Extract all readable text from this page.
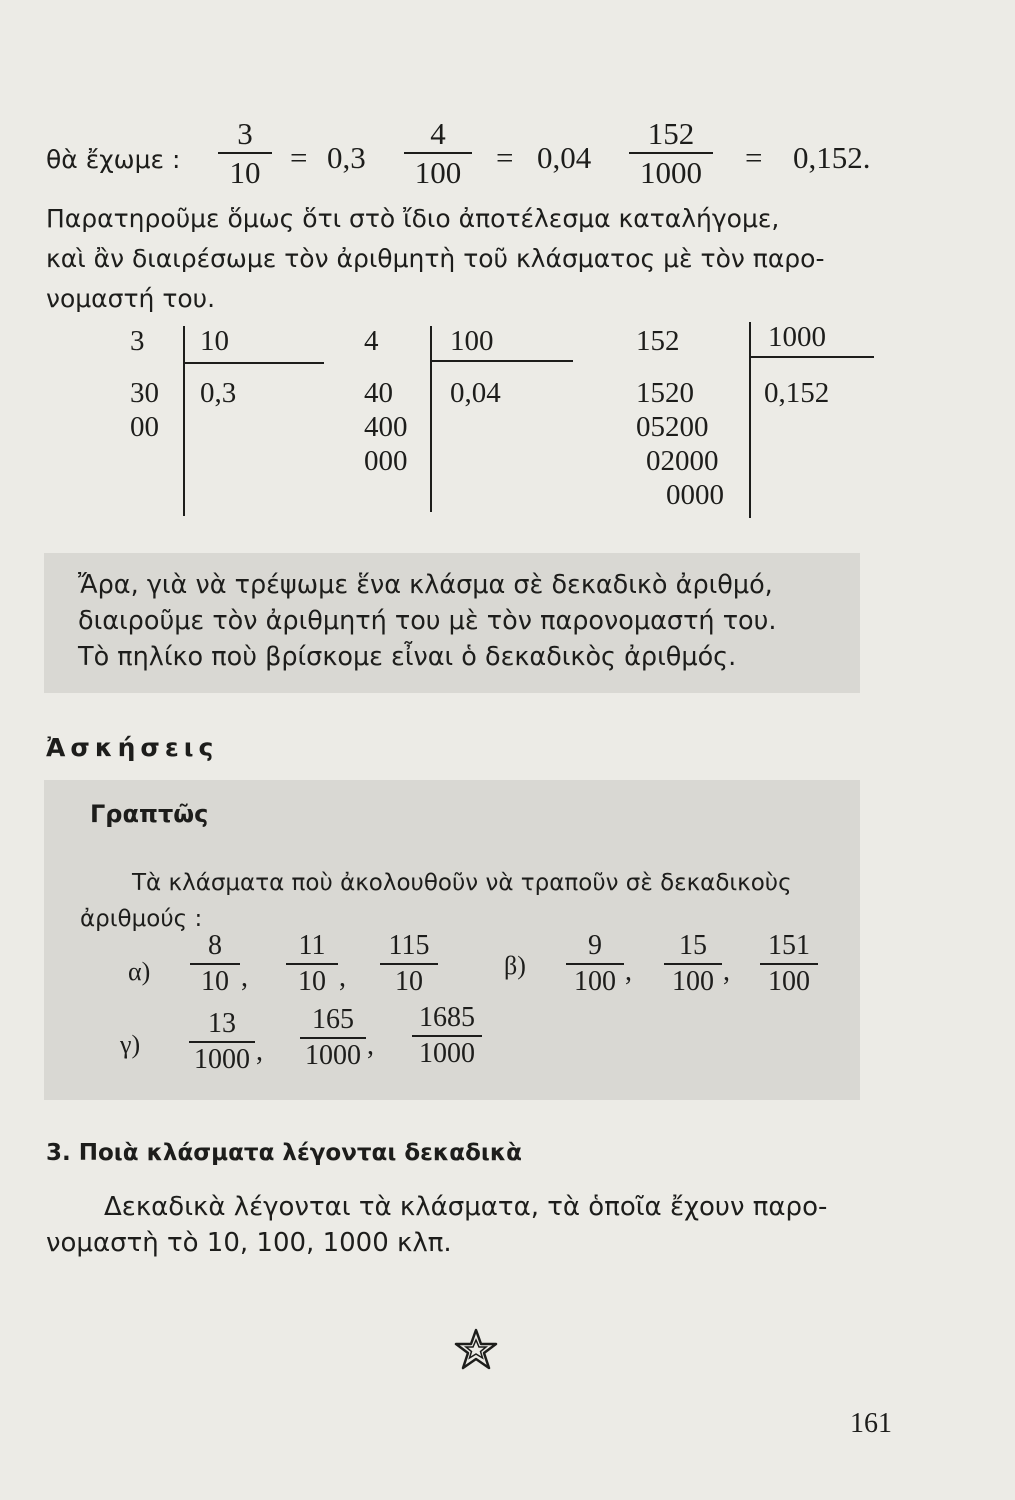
θὰ ἔχωμε :
3
10 = 0,3
4
100	= 0,04
152
1000	= 0,152.
Παρατηροῦμε ὅμως ὅτι στὸ ἴδιο ἀποτέλεσμα καταλήγομε,
καὶ ἂν διαιρέσωμε τὸν ἀριθμητὴ τοῦ κλάσματος μὲ τὸν παρο-
νομαστή του.
3
30
00
10
0,3
4
40
400
000
100
0,04
152
1520
05200
02000
0000
1000
0,152
Ἄρα, γιὰ νὰ τρέψωμε ἕνα κλάσμα σὲ δεκαδικὸ ἀριθμό,
διαιροῦμε τὸν ἀριθμητή του μὲ τὸν παρονομαστή του.
Τὸ πηλίκο ποὺ βρίσκομε εἶναι ὁ δεκαδικὸς ἀριθμός.
Ἀσκήσεις
Γραπτῶς
Τὰ κλάσματα ποὺ ἀκολουθοῦν νὰ τραποῦν σὲ δεκαδικοὺς
ἀριθμούς :
α)
8
10 ,
11
10 ,
115
10
β)
9
100 ,
15
100 ,
151
100
γ)
13
1000 ,
165
1000 ,
1685
1000
3. Ποιὰ κλάσματα λέγονται δεκαδικὰ
Δεκαδικὰ λέγονται τὰ κλάσματα, τὰ ὁποῖα ἔχουν παρο-
νομαστὴ τὸ 10, 100, 1000 κλπ.
161
